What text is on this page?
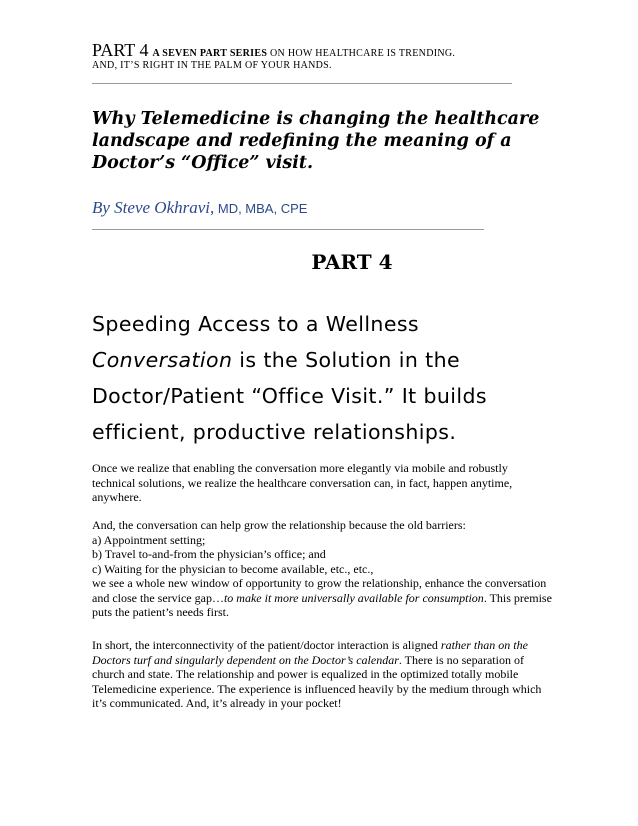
PART 4 A SEVEN PART SERIES ON HOW HEALTHCARE IS TRENDING.
AND, IT’S RIGHT IN THE PALM OF YOUR HANDS.
Why Telemedicine is changing the healthcare
landscape and redefining the meaning of a
Doctor’s “Office” visit.
By Steve Okhravi, MD, MBA, CPE
PART 4
Speeding Access to a Wellness
Conversation is the Solution in the
Doctor/Patient “Office Visit.” It builds
efficient, productive relationships.

Once we realize that enabling the conversation more elegantly via mobile and robustly technical solutions, we realize the healthcare conversation can, in fact, happen anytime, anywhere.

And, the conversation can help grow the relationship because the old barriers:

a) Appointment setting;

b) Travel to-and-from the physician’s office; and

c) Waiting for the physician to become available, etc., etc.,

we see a whole new window of opportunity to grow the relationship, enhance the conversation and close the service gap…to make it more universally available for consumption. This premise puts the patient’s needs first.

In short, the interconnectivity of the patient/doctor interaction is aligned rather than on the Doctors turf and singularly dependent on the Doctor’s calendar. There is no separation of church and state. The relationship and power is equalized in the optimized totally mobile Telemedicine experience. The experience is influenced heavily by the medium through which it’s communicated. And, it’s already in your pocket!
